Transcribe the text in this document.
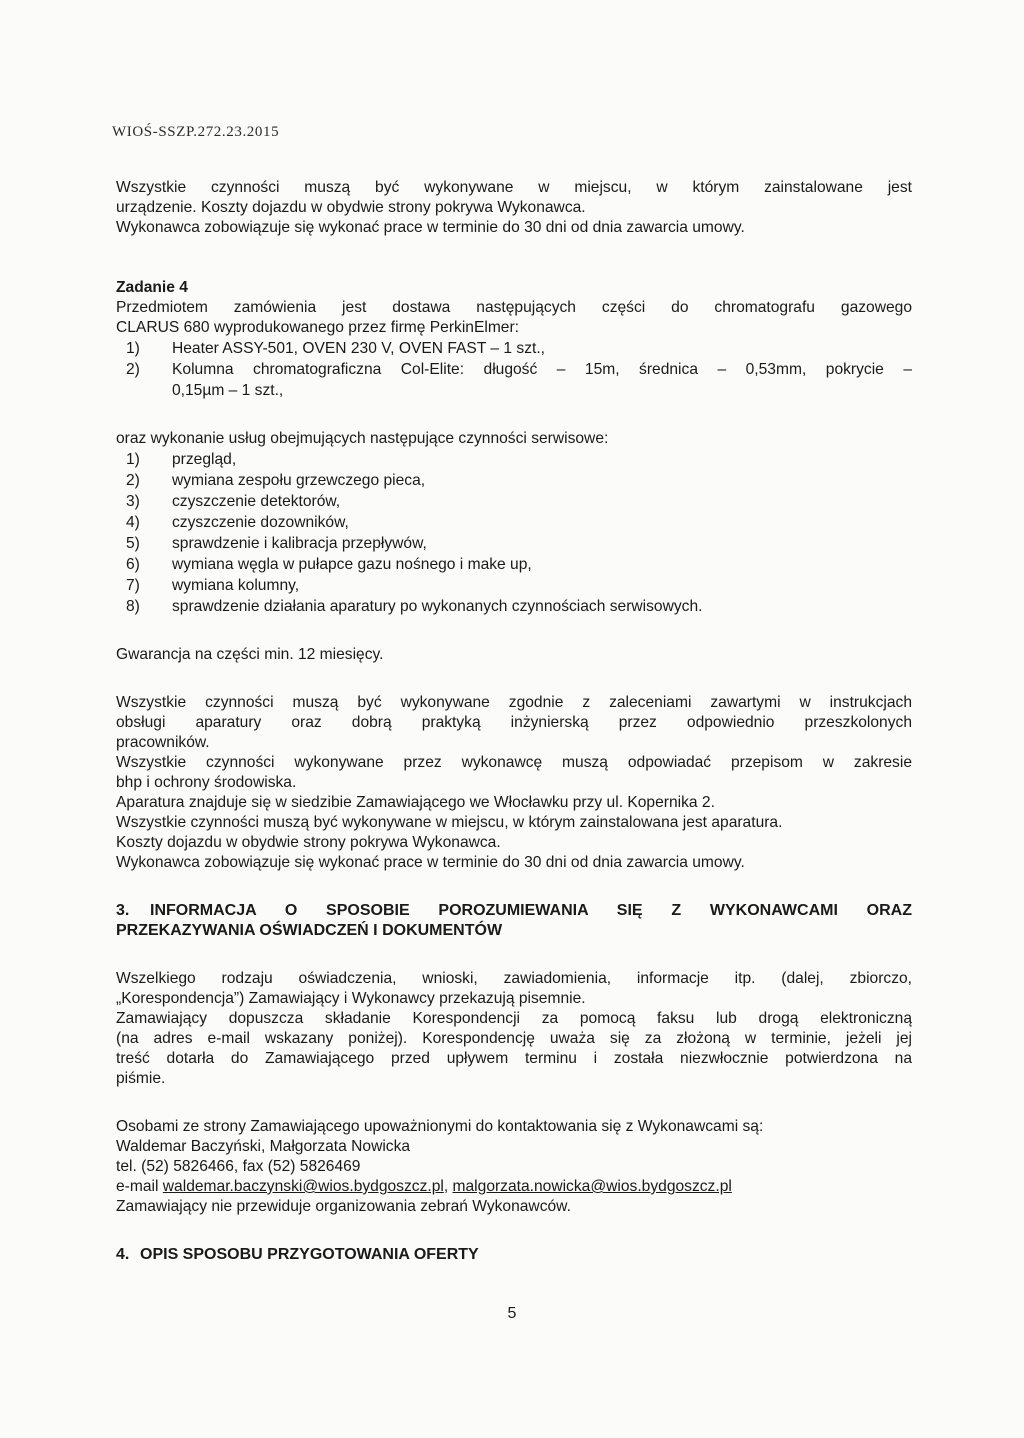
WIOŚ-SSZP.272.23.2015

Wszystkie czynności muszą być wykonywane w miejscu, w którym zainstalowane jest

urządzenie. Koszty dojazdu w obydwie strony pokrywa Wykonawca.

Wykonawca zobowiązuje się wykonać prace w terminie do 30 dni od dnia zawarcia umowy.

Zadanie 4

Przedmiotem zamówienia jest dostawa następujących części do chromatografu gazowego

CLARUS 680 wyprodukowanego przez firmę PerkinElmer:

1) Heater ASSY-501, OVEN 230 V, OVEN FAST – 1 szt.,
2) Kolumna chromatograficzna Col-Elite: długość – 15m, średnica – 0,53mm, pokrycie –
0,15µm – 1 szt.,

oraz wykonanie usług obejmujących następujące czynności serwisowe:

1) przegląd,
2) wymiana zespołu grzewczego pieca,
3) czyszczenie detektorów,
4) czyszczenie dozowników,
5) sprawdzenie i kalibracja przepływów,
6) wymiana węgla w pułapce gazu nośnego i make up,
7) wymiana kolumny,
8) sprawdzenie działania aparatury po wykonanych czynnościach serwisowych.

Gwarancja na części min. 12 miesięcy.

Wszystkie czynności muszą być wykonywane zgodnie z zaleceniami zawartymi w instrukcjach

obsługi aparatury oraz dobrą praktyką inżynierską przez odpowiednio przeszkolonych

pracowników.

Wszystkie czynności wykonywane przez wykonawcę muszą odpowiadać przepisom w zakresie

bhp i ochrony środowiska.

Aparatura znajduje się w siedzibie Zamawiającego we Włocławku przy ul. Kopernika 2.

Wszystkie czynności muszą być wykonywane w miejscu, w którym zainstalowana jest aparatura.

Koszty dojazdu w obydwie strony pokrywa Wykonawca.

Wykonawca zobowiązuje się wykonać prace w terminie do 30 dni od dnia zawarcia umowy.

3.	INFORMACJA O SPOSOBIE POROZUMIEWANIA SIĘ Z WYKONAWCAMI ORAZ

PRZEKAZYWANIA OŚWIADCZEŃ I DOKUMENTÓW

Wszelkiego rodzaju oświadczenia, wnioski, zawiadomienia, informacje itp. (dalej, zbiorczo,

„Korespondencja”) Zamawiający i Wykonawcy przekazują pisemnie.

Zamawiający dopuszcza składanie Korespondencji za pomocą faksu lub drogą elektroniczną

(na adres e-mail wskazany poniżej). Korespondencję uważa się za złożoną w terminie, jeżeli jej

treść dotarła do Zamawiającego przed upływem terminu i została niezwłocznie potwierdzona na

piśmie.

Osobami ze strony Zamawiającego upoważnionymi do kontaktowania się z Wykonawcami są:

Waldemar Baczyński, Małgorzata Nowicka

tel. (52) 5826466, fax (52) 5826469

e-mail waldemar.baczynski@wios.bydgoszcz.pl, malgorzata.nowicka@wios.bydgoszcz.pl

Zamawiający nie przewiduje organizowania zebrań Wykonawców.

4. OPIS SPOSOBU PRZYGOTOWANIA OFERTY
5
